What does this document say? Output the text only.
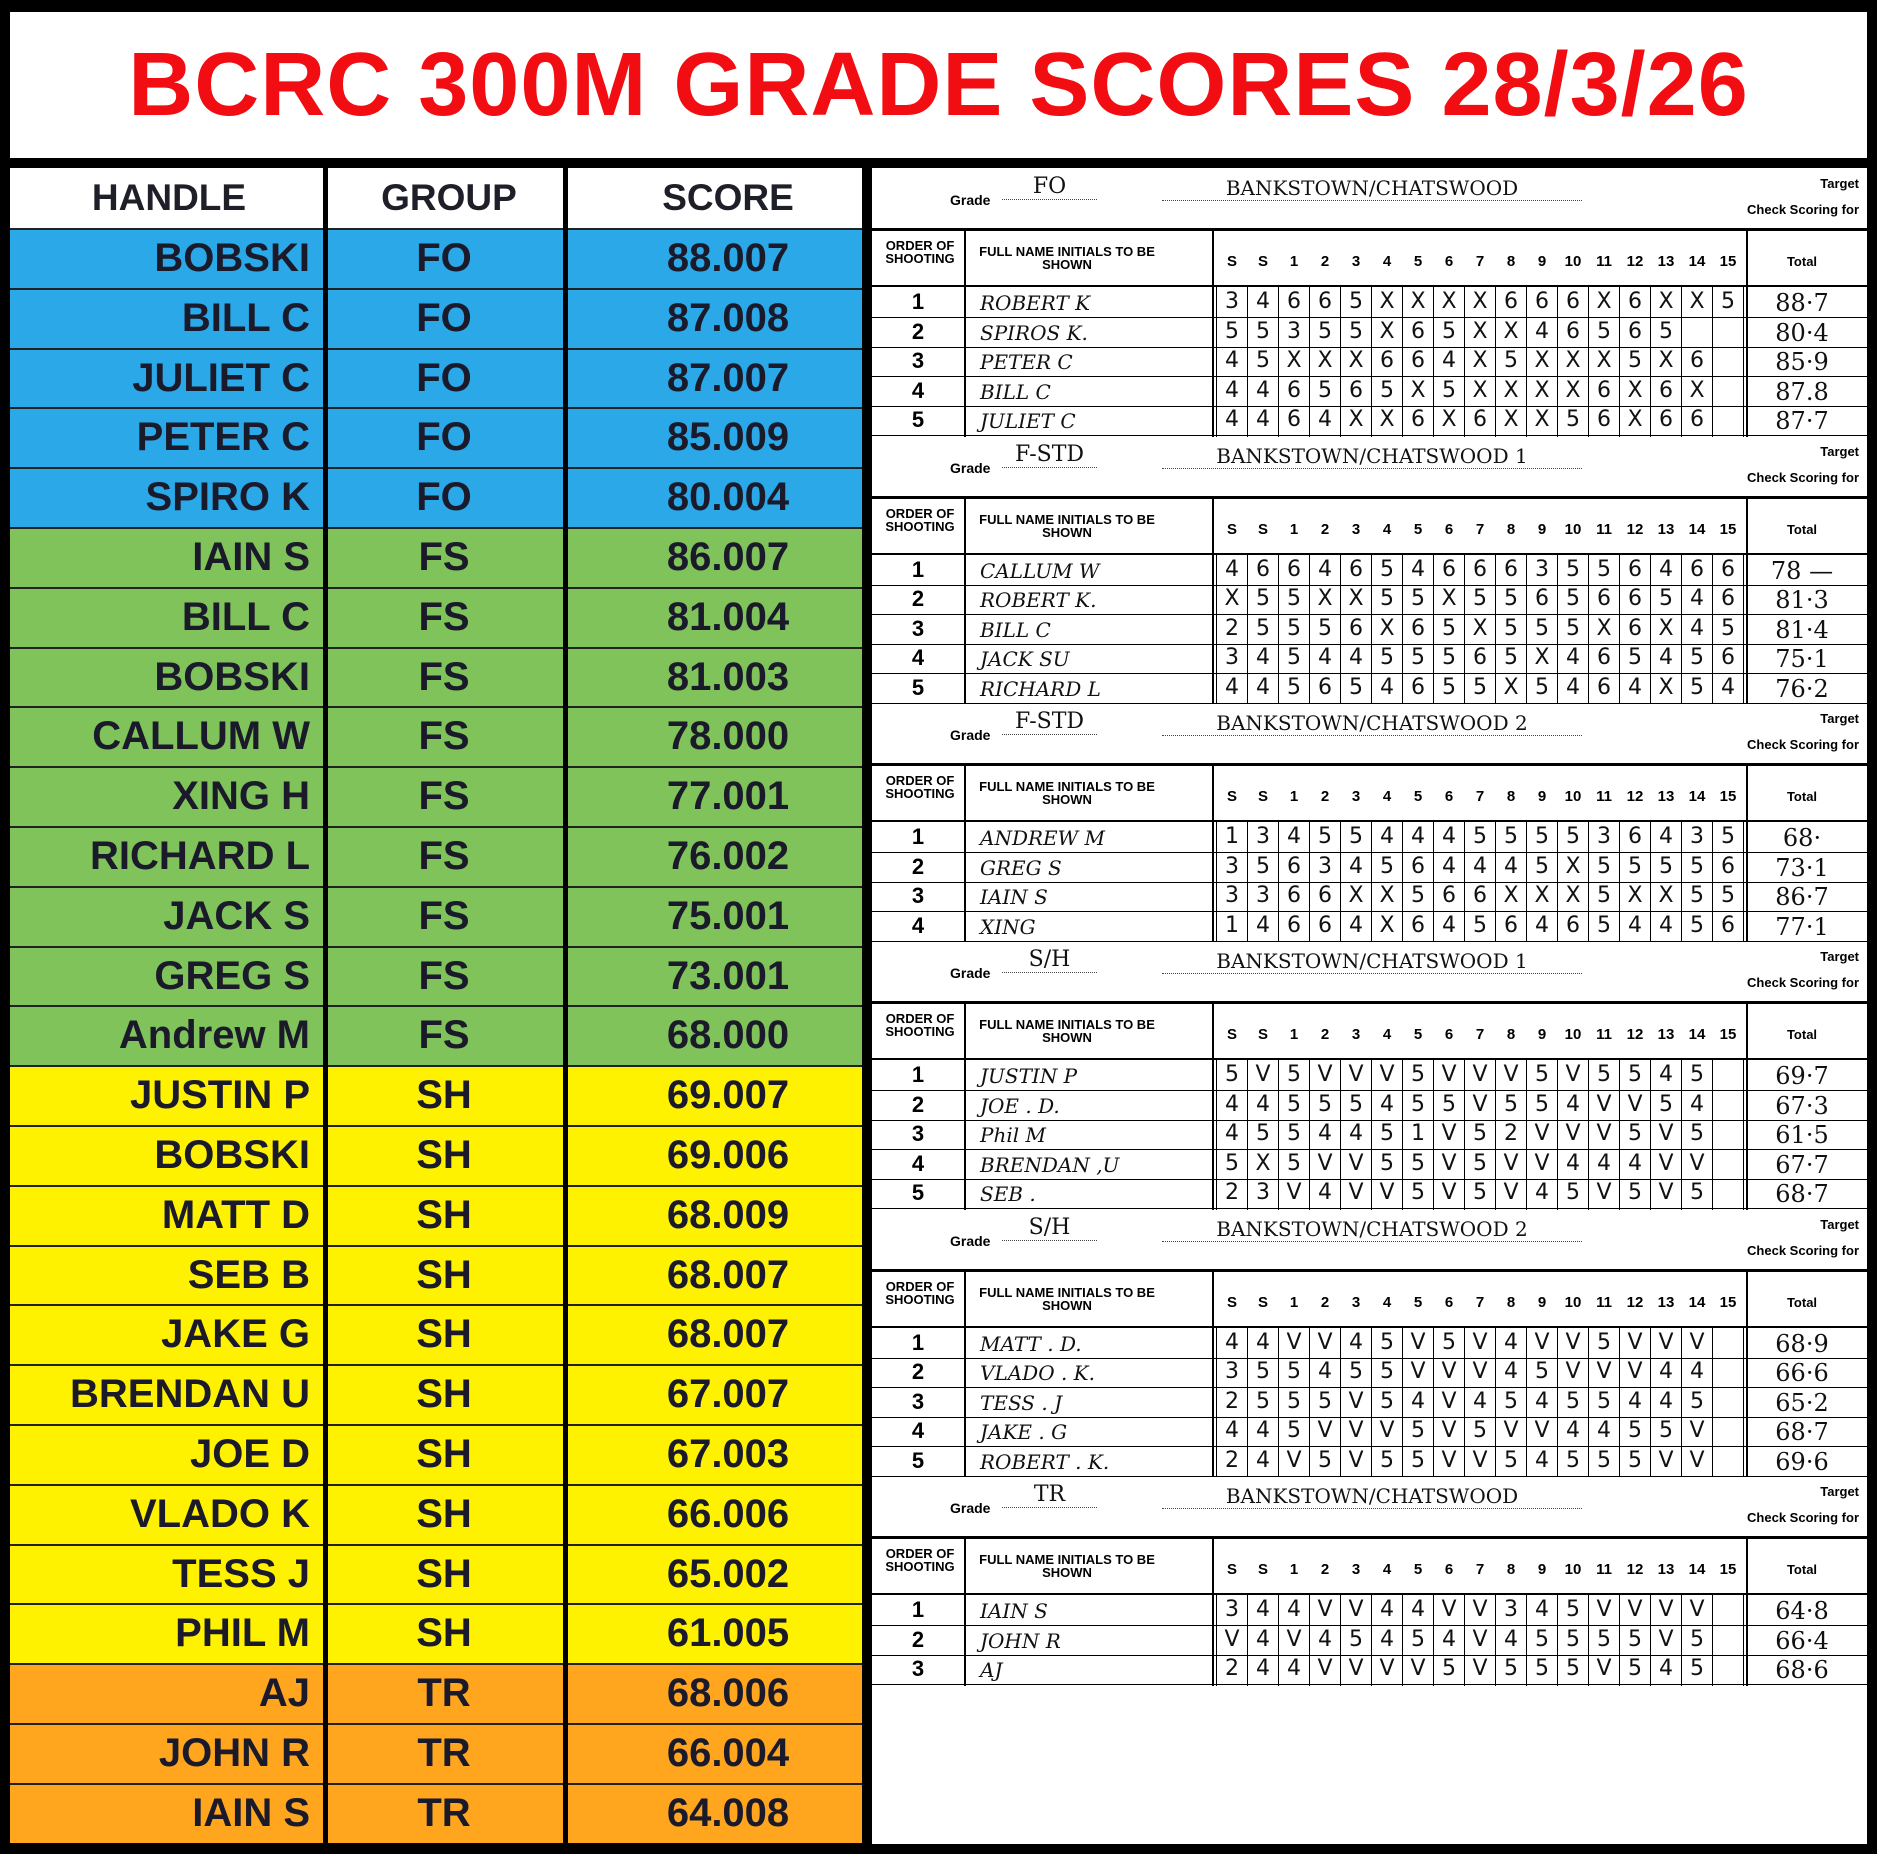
BCRC 300M GRADE SCORES 28/3/26
HANDLE	GROUP	SCORE
BOBSKI	FO	88.007
BILL C	FO	87.008
JULIET C	FO	87.007
PETER C	FO	85.009
SPIRO K	FO	80.004
IAIN S	FS	86.007
BILL C	FS	81.004
BOBSKI	FS	81.003
CALLUM W	FS	78.000
XING H	FS	77.001
RICHARD L	FS	76.002
JACK S	FS	75.001
GREG S	FS	73.001
Andrew M	FS	68.000
JUSTIN P	SH	69.007
BOBSKI	SH	69.006
MATT D	SH	68.009
SEB B	SH	68.007
JAKE G	SH	68.007
BRENDAN U	SH	67.007
JOE D	SH	67.003
VLADO K	SH	66.006
TESS J	SH	65.002
PHIL M	SH	61.005
AJ	TR	68.006
JOHN R	TR	66.004
IAIN S	TR	64.008
Grade
FO	BANKSTOWN/CHATSWOOD	Target
Check Scoring for
ORDER OF SHOOTING	FULL NAME INITIALS TO BE SHOWN	Total
S	S	1	2	3	4	5	6	7	8	9	10 11 12 13 14 15
1	ROBERT K	3 4 6 6 5 X X X X 6 6 6 X 6 X X 5	88·7
2	SPIROS K.	5 5 3 5 5 X 6 5 X X 4 6 5 6 5	80·4
3	PETER C	4 5 X X X 6 6 4 X 5 X X X 5 X 6	85·9
4	BILL C	4 4 6 5 6 5 X 5 X X X X 6 X 6 X	87.8
5	JULIET C	4 4 6 4 X X 6 X 6 X X 5 6 X 6 6	87·7
Grade
F-STD	BANKSTOWN/CHATSWOOD 1	Target
Check Scoring for
ORDER OF SHOOTING	FULL NAME INITIALS TO BE SHOWN	Total
S	S	1	2	3	4	5	6	7	8	9	10 11 12 13 14 15
1	CALLUM W	4 6 6 4 6 5 4 6 6 6 3 5 5 6 4 6 6	78 —
2	ROBERT K.	X 5 5 X X 5 5 X 5 5 6 5 6 6 5 4 6	81·3
3	BILL C	2 5 5 5 6 X 6 5 X 5 5 5 X 6 X 4 5	81·4
4	JACK SU	3 4 5 4 4 5 5 5 6 5 X 4 6 5 4 5 6	75·1
5	RICHARD L	4 4 5 6 5 4 6 5 5 X 5 4 6 4 X 5 4	76·2
Grade
F-STD	BANKSTOWN/CHATSWOOD 2	Target
Check Scoring for
ORDER OF SHOOTING	FULL NAME INITIALS TO BE SHOWN	Total
S	S	1	2	3	4	5	6	7	8	9	10 11 12 13 14 15
1	ANDREW M	1 3 4 5 5 4 4 4 5 5 5 5 3 6 4 3 5	68·
2	GREG S	3 5 6 3 4 5 6 4 4 4 5 X 5 5 5 5 6	73·1
3	IAIN S	3 3 6 6 X X 5 6 6 X X X 5 X X 5 5	86·7
4	XING	1 4 6 6 4 X 6 4 5 6 4 6 5 4 4 5 6	77·1
Grade
S/H	BANKSTOWN/CHATSWOOD 1	Target
Check Scoring for
ORDER OF SHOOTING	FULL NAME INITIALS TO BE SHOWN	Total
S	S	1	2	3	4	5	6	7	8	9	10 11 12 13 14 15
1	JUSTIN P	5 V 5 V V V 5 V V V 5 V 5 5 4 5	69·7
2	JOE . D.	4 4 5 5 5 4 5 5 V 5 5 4 V V 5 4	67·3
3	Phil M	4 5 5 4 4 5 1 V 5 2 V V V 5 V 5	61·5
4	BRENDAN ,U	5 X 5 V V 5 5 V 5 V V 4 4 4 V V	67·7
5	SEB .	2 3 V 4 V V 5 V 5 V 4 5 V 5 V 5	68·7
Grade
S/H	BANKSTOWN/CHATSWOOD 2	Target
Check Scoring for
ORDER OF SHOOTING	FULL NAME INITIALS TO BE SHOWN	Total
S	S	1	2	3	4	5	6	7	8	9	10 11 12 13 14 15
1	MATT . D.	4 4 V V 4 5 V 5 V 4 V V 5 V V V	68·9
2	VLADO . K.	3 5 5 4 5 5 V V V 4 5 V V V 4 4	66·6
3	TESS . J	2 5 5 5 V 5 4 V 4 5 4 5 5 4 4 5	65·2
4	JAKE . G	4 4 5 V V V 5 V 5 V V 4 4 5 5 V	68·7
5	ROBERT . K.	2 4 V 5 V 5 5 V V 5 4 5 5 5 V V	69·6
Grade
TR	BANKSTOWN/CHATSWOOD	Target
Check Scoring for
ORDER OF SHOOTING	FULL NAME INITIALS TO BE SHOWN	Total
S	S	1	2	3	4	5	6	7	8	9	10 11 12 13 14 15
1	IAIN S	3 4 4 V V 4 4 V V 3 4 5 V V V V	64·8
2	JOHN R	V 4 V 4 5 4 5 4 V 4 5 5 5 5 V 5	66·4
3	AJ	2 4 4 V V V V 5 V 5 5 5 V 5 4 5	68·6
